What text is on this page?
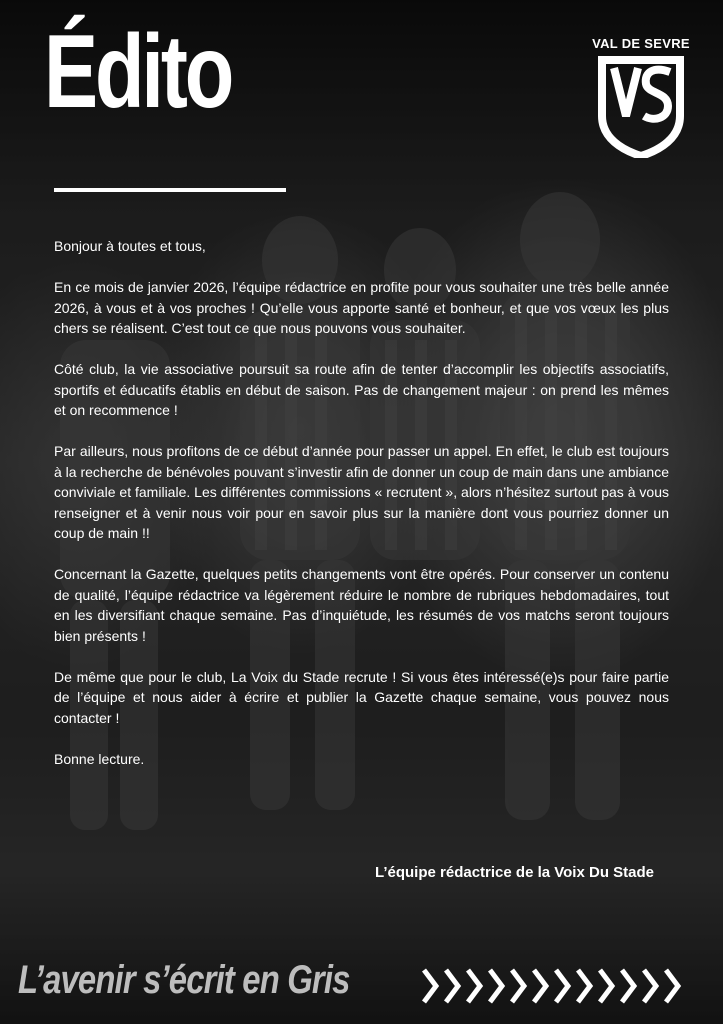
Édito	VAL DE SEVRE

Bonjour à toutes et tous,

En ce mois de janvier 2026, l’équipe rédactrice en profite pour vous souhaiter une très belle année 2026, à vous et à vos proches ! Qu’elle vous apporte santé et bonheur, et que vos vœux les plus chers se réalisent. C’est tout ce que nous pouvons vous souhaiter.

Côté club, la vie associative poursuit sa route afin de tenter d’accomplir les objectifs associatifs, sportifs et éducatifs établis en début de saison. Pas de changement majeur : on prend les mêmes et on recommence !

Par ailleurs, nous profitons de ce début d’année pour passer un appel. En effet, le club est toujours à la recherche de bénévoles pouvant s’investir afin de donner un coup de main dans une ambiance conviviale et familiale. Les différentes commissions « recrutent », alors n’hésitez surtout pas à vous renseigner et à venir nous voir pour en savoir plus sur la manière dont vous pourriez donner un coup de main !!

Concernant la Gazette, quelques petits changements vont être opérés. Pour conserver un contenu de qualité, l’équipe rédactrice va légèrement réduire le nombre de rubriques hebdomadaires, tout en les diversifiant chaque semaine. Pas d’inquiétude, les résumés de vos matchs seront toujours bien présents !

De même que pour le club, La Voix du Stade recrute ! Si vous êtes intéressé(e)s pour faire partie de l’équipe et nous aider à écrire et publier la Gazette chaque semaine, vous pouvez nous contacter !

Bonne lecture.

L’équipe rédactrice de la Voix Du Stade
L’avenir s’écrit en Gris
